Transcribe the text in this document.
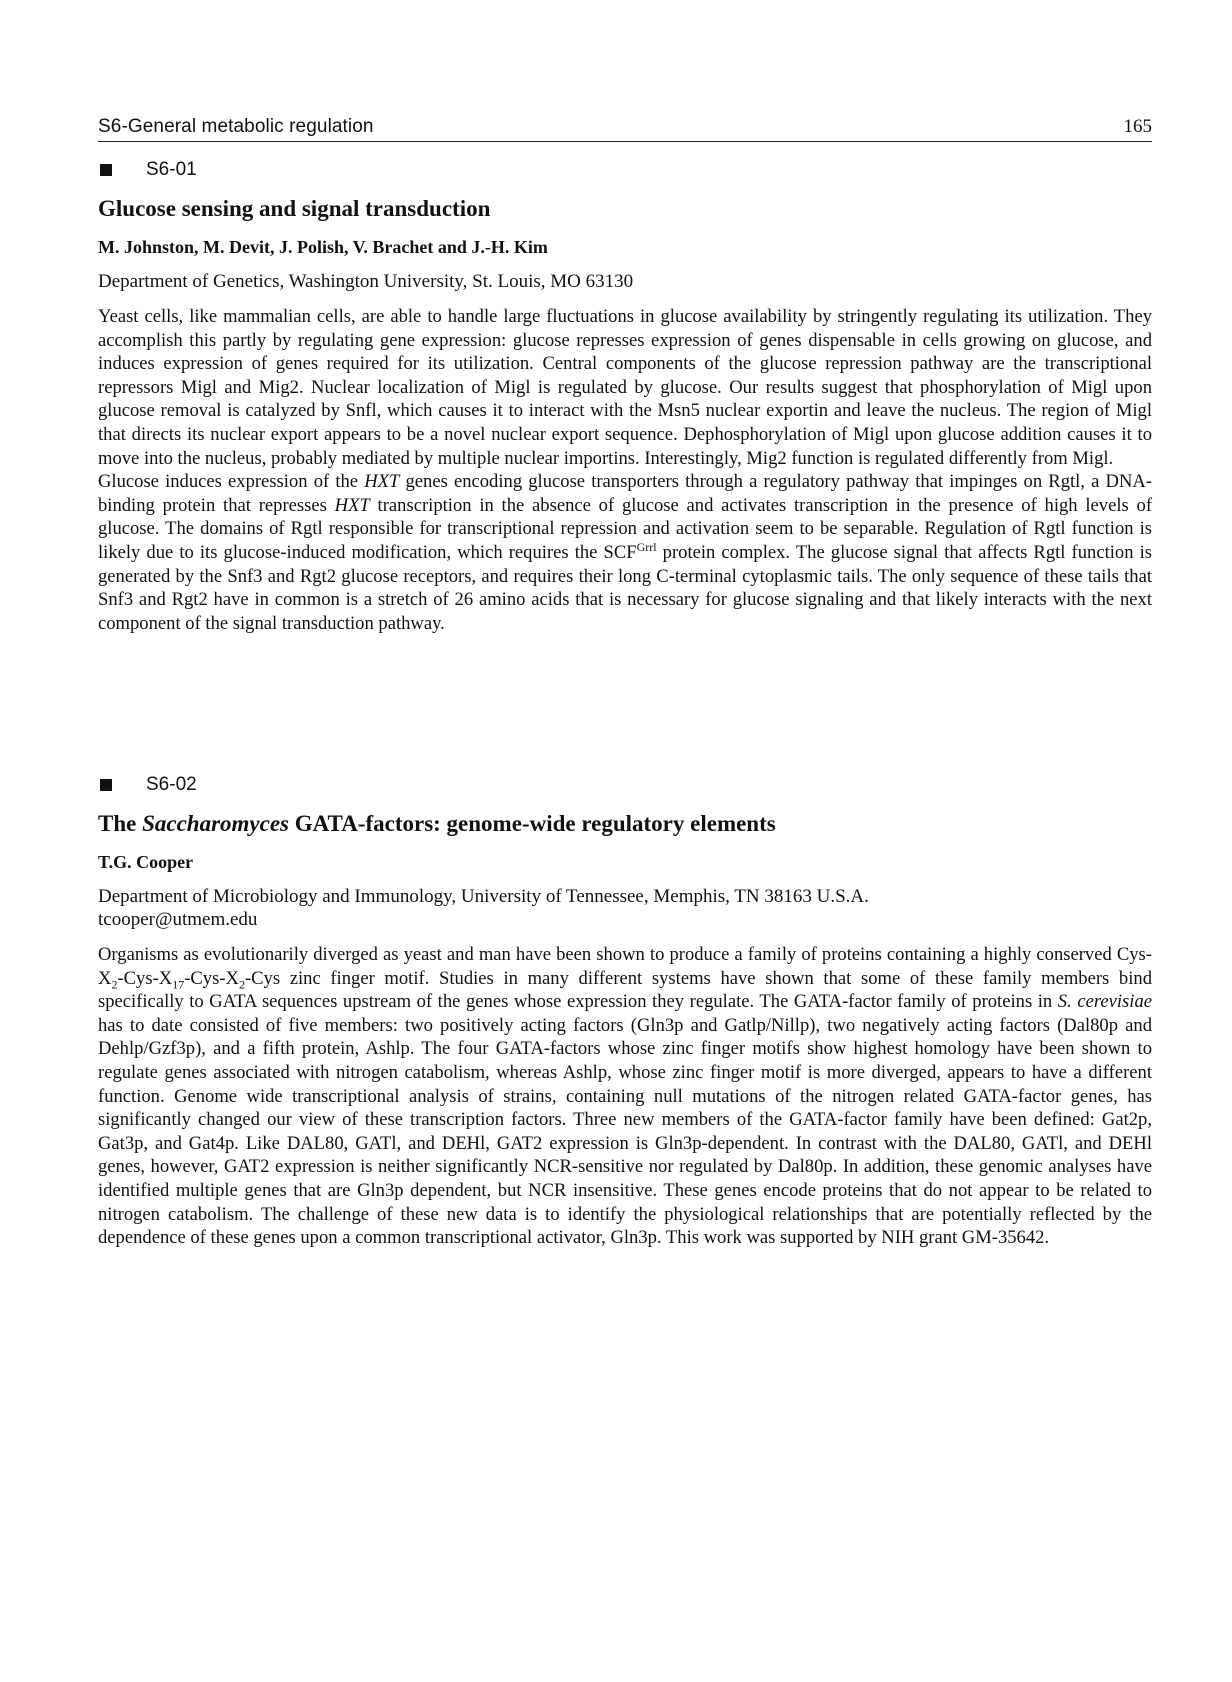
S6-General metabolic regulation	165
S6-01
Glucose sensing and signal transduction
M. Johnston, M. Devit, J. Polish, V. Brachet and J.-H. Kim
Department of Genetics, Washington University, St. Louis, MO 63130

Yeast cells, like mammalian cells, are able to handle large fluctuations in glucose availability by stringently regulating its utilization. They accomplish this partly by regulating gene expression: glucose represses expression of genes dispensable in cells growing on glucose, and induces expression of genes required for its utilization. Central components of the glucose repression pathway are the transcriptional repressors Migl and Mig2. Nuclear localization of Migl is regulated by glucose. Our results suggest that phosphorylation of Migl upon glucose removal is catalyzed by Snfl, which causes it to interact with the Msn5 nuclear exportin and leave the nucleus. The region of Migl that directs its nuclear export appears to be a novel nuclear export sequence. Dephosphorylation of Migl upon glucose addition causes it to move into the nucleus, probably mediated by multiple nuclear importins. Interestingly, Mig2 function is regulated differently from Migl.

Glucose induces expression of the HXT genes encoding glucose transporters through a regulatory pathway that impinges on Rgtl, a DNA-binding protein that represses HXT transcription in the absence of glucose and activates transcription in the presence of high levels of glucose. The domains of Rgtl responsible for transcriptional repression and activation seem to be separable. Regulation of Rgtl function is likely due to its glucose-induced modification, which requires the $SCF^{Grrl}$ protein complex. The glucose signal that affects Rgtl function is generated by the Snf3 and Rgt2 glucose receptors, and requires their long C-terminal cytoplasmic tails. The only sequence of these tails that Snf3 and Rgt2 have in common is a stretch of 26 amino acids that is necessary for glucose signaling and that likely interacts with the next component of the signal transduction pathway.

S6-02
The Saccharomyces GATA-factors: genome-wide regulatory elements
T.G. Cooper
Department of Microbiology and Immunology, University of Tennessee, Memphis, TN 38163 U.S.A.
tcooper@utmem.edu

Organisms as evolutionarily diverged as yeast and man have been shown to produce a family of proteins containing a highly conserved Cys-$X_2-Cys-X_{17}-Cys-X_2$-Cys zinc finger motif. Studies in many different systems have shown that some of these family members bind specifically to GATA sequences upstream of the genes whose expression they regulate. The GATA-factor family of proteins in S. cerevisiae has to date consisted of five members: two positively acting factors (Gln3p and Gatlp/Nillp), two negatively acting factors (Dal80p and Dehlp/Gzf3p), and a fifth protein, Ashlp. The four GATA-factors whose zinc finger motifs show highest homology have been shown to regulate genes associated with nitrogen catabolism, whereas Ashlp, whose zinc finger motif is more diverged, appears to have a different function. Genome wide transcriptional analysis of strains, containing null mutations of the nitrogen related GATA-factor genes, has significantly changed our view of these transcription factors. Three new members of the GATA-factor family have been defined: Gat2p, Gat3p, and Gat4p. Like DAL80, GATl, and DEHl, GAT2 expression is Gln3p-dependent. In contrast with the DAL80, GATl, and DEHl genes, however, GAT2 expression is neither significantly NCR-sensitive nor regulated by Dal80p. In addition, these genomic analyses have identified multiple genes that are Gln3p dependent, but NCR insensitive. These genes encode proteins that do not appear to be related to nitrogen catabolism. The challenge of these new data is to identify the physiological relationships that are potentially reflected by the dependence of these genes upon a common transcriptional activator, Gln3p. This work was supported by NIH grant GM-35642.
